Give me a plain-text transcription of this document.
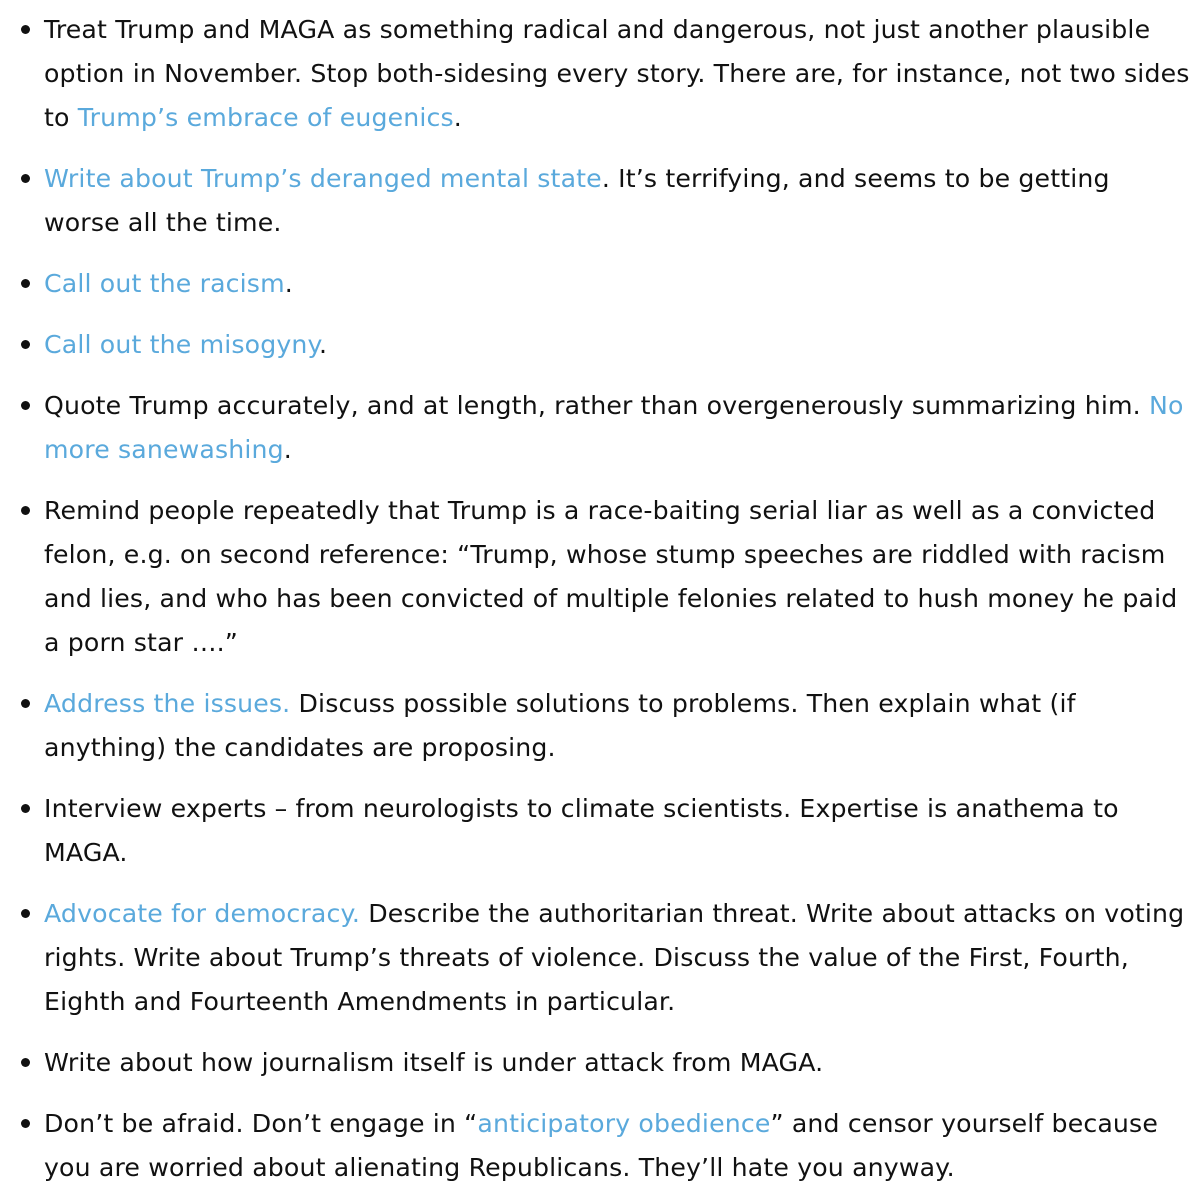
Treat Trump and MAGA as something radical and dangerous, not just another plausible option in November. Stop both-sidesing every story. There are, for instance, not two sides to Trump’s embrace of eugenics.
Write about Trump’s deranged mental state. It’s terrifying, and seems to be getting worse all the time.
Call out the racism.
Call out the misogyny.
Quote Trump accurately, and at length, rather than overgenerously summarizing him. No more sanewashing.
Remind people repeatedly that Trump is a race-baiting serial liar as well as a convicted felon, e.g. on second reference: “Trump, whose stump speeches are riddled with racism and lies, and who has been convicted of multiple felonies related to hush money he paid a porn star ….”
Address the issues. Discuss possible solutions to problems. Then explain what (if anything) the candidates are proposing.
Interview experts – from neurologists to climate scientists. Expertise is anathema to MAGA.
Advocate for democracy. Describe the authoritarian threat. Write about attacks on voting rights. Write about Trump’s threats of violence. Discuss the value of the First, Fourth, Eighth and Fourteenth Amendments in particular.
Write about how journalism itself is under attack from MAGA.
Don’t be afraid. Don’t engage in “anticipatory obedience” and censor yourself because you are worried about alienating Republicans. They’ll hate you anyway.
